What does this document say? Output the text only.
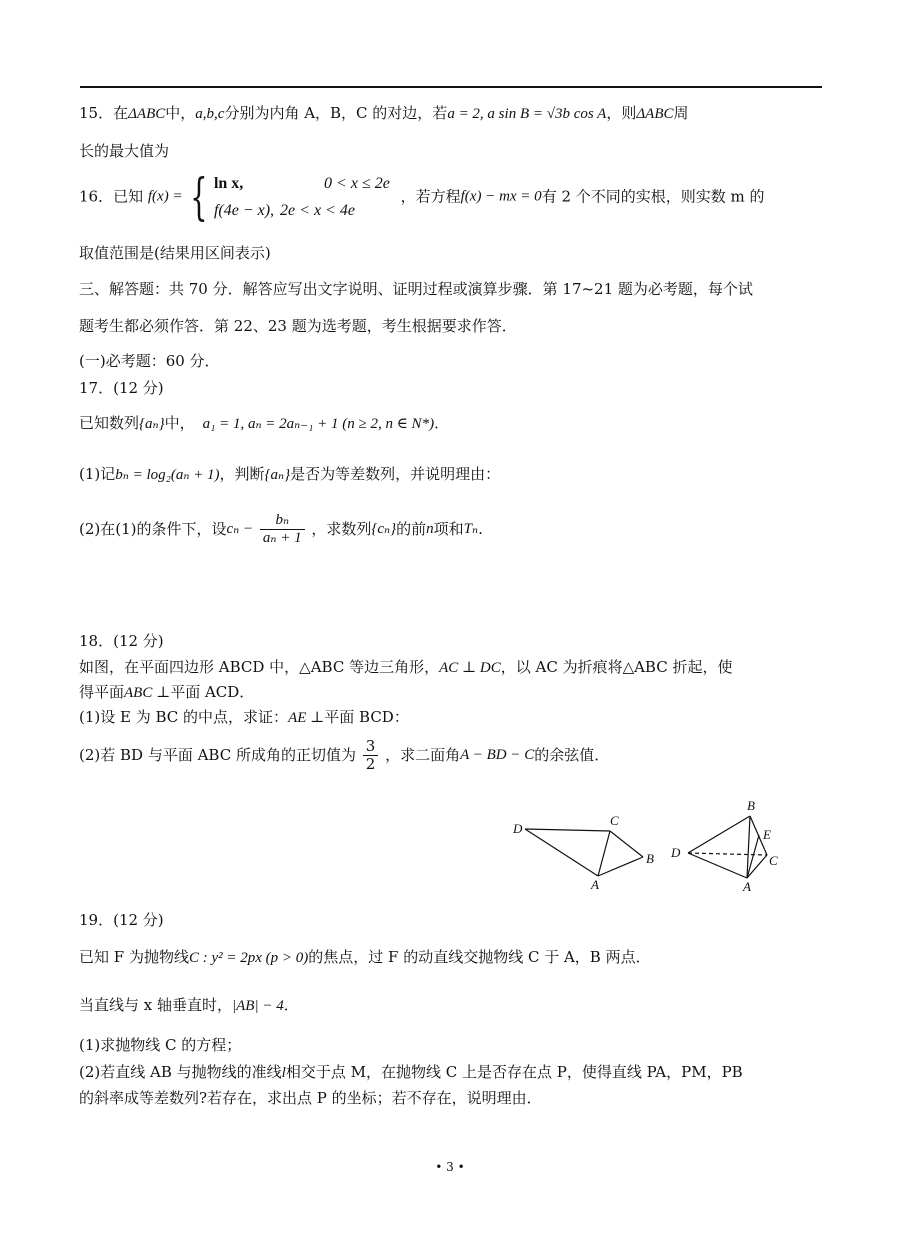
15．在ΔABC中，a,b,c分别为内角 A，B，C 的对边，若a = 2, a sin B = √3b cos A，则ΔABC周
长的最大值为
16．已知 f(x) = { ln x,	0 < x ≤ 2e
f(4e − x),	2e < x < 4e ，若方程f(x) − mx = 0有 2 个不同的实根，则实数 m 的
取值范围是(结果用区间表示)
三、解答题：共 70 分．解答应写出文字说明、证明过程或演算步骤．第 17~21 题为必考题，每个试
题考生都必须作答．第 22、23 题为选考题，考生根据要求作答．
(一)必考题：60 分．
17．(12 分)
已知数列{aₙ}中， a₁ = 1, aₙ = 2aₙ₋₁ + 1 (n ≥ 2, n ∈ N*)．
(1)记bₙ = log₂(aₙ + 1)，判断{aₙ}是否为等差数列，并说明理由：
(2)在(1)的条件下，设$c_n - \frac{\text{bₙ}}{\text{aₙ + 1}}$ ，求数列{cₙ}的前n项和Tₙ.
18．(12 分)
如图，在平面四边形 ABCD 中，△ABC 等边三角形，AC ⊥ DC，以 AC 为折痕将△ABC 折起，使
得平面ABC ⊥平面 ACD．
(1)设 E 为 BC 的中点，求证：AE ⊥平面 BCD：
(2)若 BD 与平面 ABC 所成角的正切值为 $\frac{3}{2}$ ，求二面角A − BD − C的余弦值．
D
C
B
A
B
E
D
C
A
19．(12 分)
已知 F 为抛物线C : y² = 2px (p > 0)的焦点，过 F 的动直线交抛物线 C 于 A，B 两点．
当直线与 x 轴垂直时，|AB| − 4．
(1)求抛物线 C 的方程；
(2)若直线 AB 与抛物线的准线l相交于点 M，在抛物线 C 上是否存在点 P，使得直线 PA，PM，PB
的斜率成等差数列?若存在，求出点 P 的坐标；若不存在，说明理由．
• 3 •
